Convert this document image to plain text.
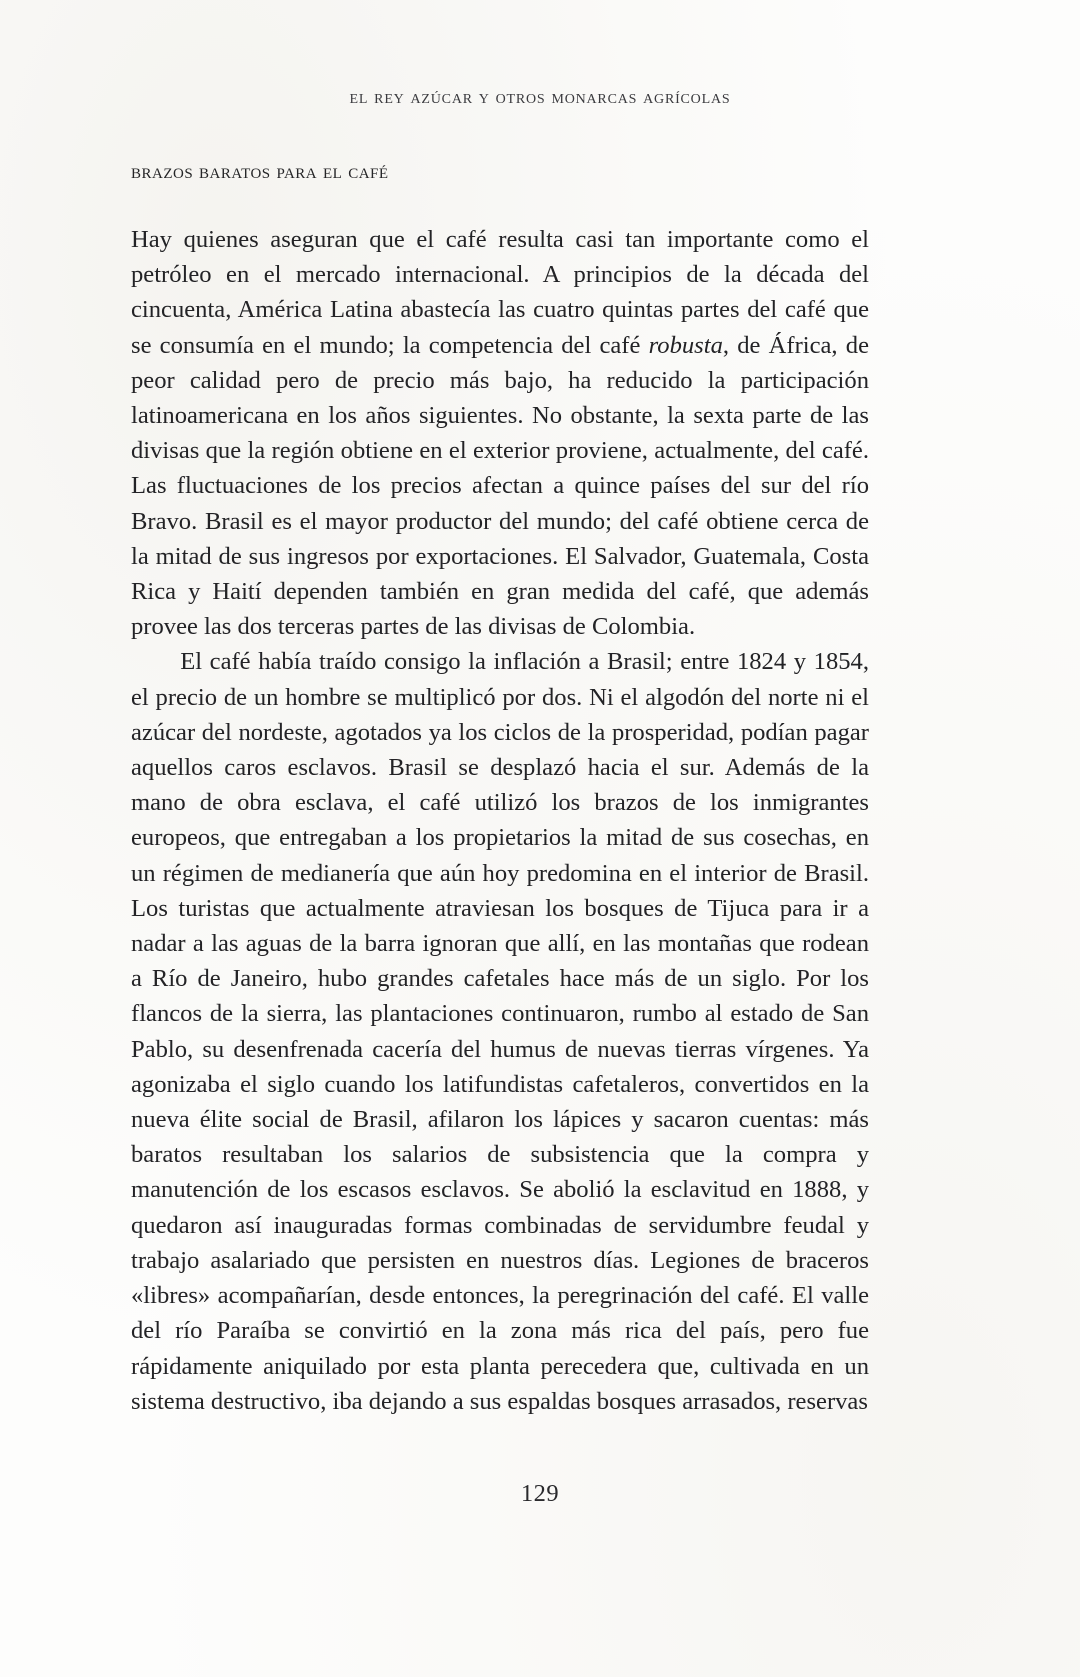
el rey azúcar y otros monarcas agrícolas
brazos baratos para el café

Hay quienes aseguran que el café resulta casi tan importante como el petróleo en el mercado internacional. A principios de la década del cincuenta, América Latina abastecía las cuatro quintas partes del café que se consumía en el mundo; la competencia del café robusta, de África, de peor calidad pero de precio más bajo, ha reducido la participación latinoamericana en los años siguientes. No obstante, la sexta parte de las divisas que la región obtiene en el exterior proviene, actualmente, del café. Las fluctuaciones de los precios afectan a quince países del sur del río Bravo. Brasil es el mayor productor del mundo; del café obtiene cerca de la mitad de sus ingresos por exportaciones. El Salvador, Guatemala, Costa Rica y Haití dependen también en gran medida del café, que además provee las dos terceras partes de las divisas de Colombia.

El café había traído consigo la inflación a Brasil; entre 1824 y 1854, el precio de un hombre se multiplicó por dos. Ni el algodón del norte ni el azúcar del nordeste, agotados ya los ciclos de la prosperidad, podían pagar aquellos caros esclavos. Brasil se desplazó hacia el sur. Además de la mano de obra esclava, el café utilizó los brazos de los inmigrantes europeos, que entregaban a los propietarios la mitad de sus cosechas, en un régimen de medianería que aún hoy predomina en el interior de Brasil. Los turistas que actualmente atraviesan los bosques de Tijuca para ir a nadar a las aguas de la barra ignoran que allí, en las montañas que rodean a Río de Janeiro, hubo grandes cafetales hace más de un siglo. Por los flancos de la sierra, las plantaciones continuaron, rumbo al estado de San Pablo, su desenfrenada cacería del humus de nuevas tierras vírgenes. Ya agonizaba el siglo cuando los latifundistas cafetaleros, convertidos en la nueva élite social de Brasil, afilaron los lápices y sacaron cuentas: más baratos resultaban los salarios de subsistencia que la compra y manutención de los escasos esclavos. Se abolió la esclavitud en 1888, y quedaron así inauguradas formas combinadas de servidumbre feudal y trabajo asalariado que persisten en nuestros días. Legiones de braceros «libres» acompañarían, desde entonces, la peregrinación del café. El valle del río Paraíba se convirtió en la zona más rica del país, pero fue rápidamente aniquilado por esta planta perecedera que, cultivada en un sistema destructivo, iba dejando a sus espaldas bosques arrasados, reservas

129
